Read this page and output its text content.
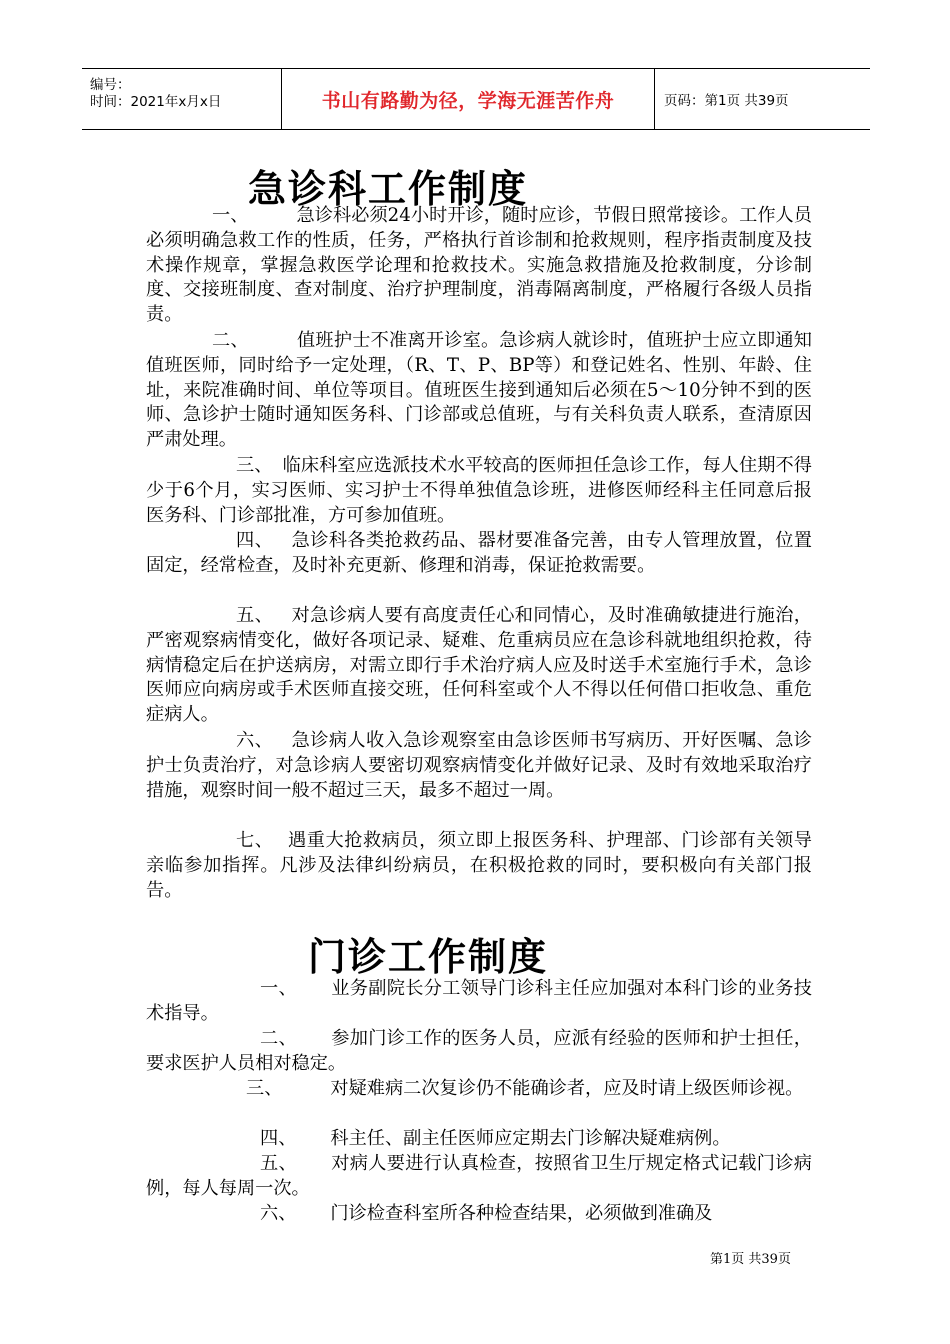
编号：
时间：2021年x月x日	书山有路勤为径，学海无涯苦作舟	页码：第1页 共39页
急诊科工作制度

一、	急诊科必须24小时开诊，随时应诊，节假日照常接诊。工作人员必须明确急救工作的性质，任务，严格执行首诊制和抢救规则，程序指责制度及技术操作规章，掌握急救医学论理和抢救技术。实施急救措施及抢救制度，分诊制度、交接班制度、查对制度、治疗护理制度，消毒隔离制度，严格履行各级人员指责。

二、	值班护士不准离开诊室。急诊病人就诊时，值班护士应立即通知值班医师，同时给予一定处理，（R、T、P、BP等）和登记姓名、性别、年龄、住址，来院准确时间、单位等项目。值班医生接到通知后必须在5～10分钟不到的医师、急诊护士随时通知医务科、门诊部或总值班，与有关科负责人联系，查清原因严肃处理。

三、 临床科室应选派技术水平较高的医师担任急诊工作，每人住期不得少于6个月，实习医师、实习护士不得单独值急诊班，进修医师经科主任同意后报医务科、门诊部批准，方可参加值班。

四、 急诊科各类抢救药品、器材要准备完善，由专人管理放置，位置固定，经常检查，及时补充更新、修理和消毒，保证抢救需要。

五、 对急诊病人要有高度责任心和同情心，及时准确敏捷进行施治，严密观察病情变化，做好各项记录、疑难、危重病员应在急诊科就地组织抢救，待病情稳定后在护送病房，对需立即行手术治疗病人应及时送手术室施行手术，急诊医师应向病房或手术医师直接交班，任何科室或个人不得以任何借口拒收急、重危症病人。

六、 急诊病人收入急诊观察室由急诊医师书写病历、开好医嘱、急诊护士负责治疗，对急诊病人要密切观察病情变化并做好记录、及时有效地采取治疗措施，观察时间一般不超过三天，最多不超过一周。

七、 遇重大抢救病员，须立即上报医务科、护理部、门诊部有关领导亲临参加指挥。凡涉及法律纠纷病员，在积极抢救的同时，要积极向有关部门报告。

门诊工作制度

一、 业务副院长分工领导门诊科主任应加强对本科门诊的业务技术指导。

二、 参加门诊工作的医务人员，应派有经验的医师和护士担任，要求医护人员相对稳定。

三、	对疑难病二次复诊仍不能确诊者，应及时请上级医师诊视。

四、 科主任、副主任医师应定期去门诊解决疑难病例。

五、 对病人要进行认真检查，按照省卫生厅规定格式记载门诊病例，每人每周一次。

六、 门诊检查科室所各种检查结果，必须做到准确及

第1页 共39页
